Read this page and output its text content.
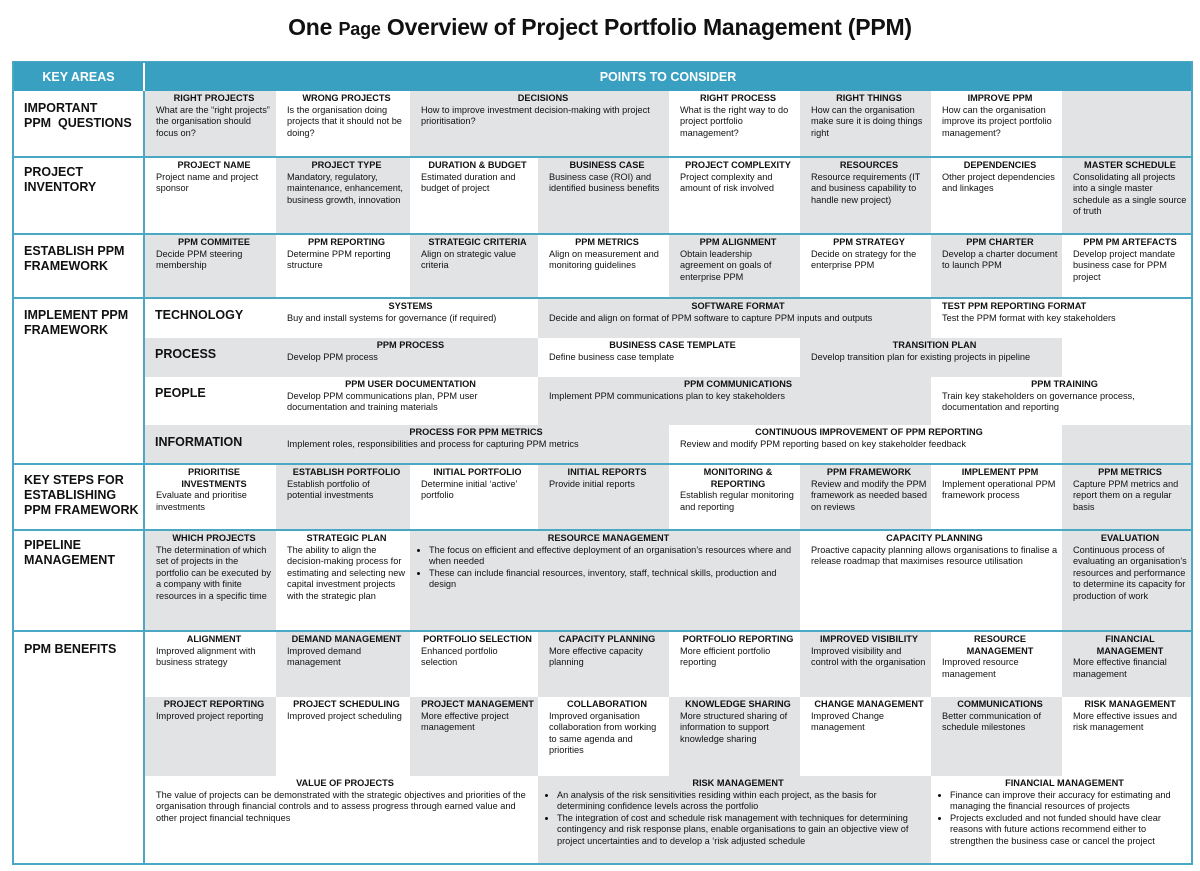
One Page Overview of Project Portfolio Management (PPM)
KEY AREAS	POINTS TO CONSIDER
RIGHT PROJECTS
What are the “right projects” the organisation should focus on?
WRONG PROJECTS
Is the organisation doing projects that it should not be doing?
DECISIONS
How to improve investment decision-making with project prioritisation?
RIGHT PROCESS
What is the right way to do project portfolio management?
RIGHT THINGS
How can the organisation make sure it is doing things right
IMPROVE PPM
How can the organisation improve its project portfolio management?
PROJECT NAME
Project name and project sponsor
PROJECT TYPE
Mandatory, regulatory, maintenance, enhancement, business growth, innovation
DURATION & BUDGET
Estimated duration and budget of project
BUSINESS CASE
Business case (ROI) and identified business benefits
PROJECT COMPLEXITY
Project complexity and amount of risk involved
RESOURCES
Resource requirements (IT and business capability to handle new project)
DEPENDENCIES
Other project dependencies and linkages
MASTER SCHEDULE
Consolidating all projects into a single master schedule as a single source of truth
PPM COMMITEE
Decide PPM steering membership
PPM REPORTING
Determine PPM reporting structure
STRATEGIC CRITERIA
Align on strategic value criteria
PPM METRICS
Align on measurement and monitoring guidelines
PPM ALIGNMENT
Obtain leadership agreement on goals of enterprise PPM
PPM STRATEGY
Decide on strategy for the enterprise PPM
PPM CHARTER
Develop a charter document to launch PPM
PPM PM ARTEFACTS
Develop project mandate business case for PPM project
SYSTEMS
Buy and install systems for governance (if required)
SOFTWARE FORMAT
Decide and align on format of PPM software to capture PPM inputs and outputs
TEST PPM REPORTING FORMAT
Test the PPM format with key stakeholders
PPM PROCESS
Develop PPM process
BUSINESS CASE TEMPLATE
Define business case template
TRANSITION PLAN
Develop transition plan for existing projects in pipeline
PPM USER DOCUMENTATION
Develop PPM communications plan, PPM user documentation and training materials
PPM COMMUNICATIONS
Implement PPM communications plan to key stakeholders
PPM TRAINING
Train key stakeholders on governance process, documentation and reporting
PROCESS FOR PPM METRICS
Implement roles, responsibilities and process for capturing PPM metrics
CONTINUOUS IMPROVEMENT OF PPM REPORTING
Review and modify PPM reporting based on key stakeholder feedback
PRIORITISE INVESTMENTS
Evaluate and prioritise investments
ESTABLISH PORTFOLIO
Establish portfolio of potential investments
INITIAL PORTFOLIO
Determine initial ‘active’ portfolio
INITIAL REPORTS
Provide initial reports
MONITORING & REPORTING
Establish regular monitoring and reporting
PPM FRAMEWORK
Review and modify the PPM framework as needed based on reviews
IMPLEMENT PPM
Implement operational PPM framework process
PPM METRICS
Capture PPM metrics and report them on a regular basis
WHICH PROJECTS
The determination of which set of projects in the portfolio can be executed by a company with finite resources in a specific time
STRATEGIC PLAN
The ability to align the decision-making process for estimating and selecting new capital investment projects with the strategic plan
RESOURCE MANAGEMENT
• The focus on efficient and effective deployment of an organisation’s resources where and when needed
• These can include financial resources, inventory, staff, technical skills, production and design
CAPACITY PLANNING
Proactive capacity planning allows organisations to finalise a release roadmap that maximises resource utilisation
EVALUATION
Continuous process of evaluating an organisation’s resources and performance to determine its capacity for production of work
ALIGNMENT
Improved alignment with business strategy
DEMAND MANAGEMENT
Improved demand management
PORTFOLIO SELECTION
Enhanced portfolio selection
CAPACITY PLANNING
More effective capacity planning
PORTFOLIO REPORTING
More efficient portfolio reporting
IMPROVED VISIBILITY
Improved visibility and control with the organisation
RESOURCE MANAGEMENT
Improved resource management
FINANCIAL MANAGEMENT
More effective financial management
PROJECT REPORTING
Improved project reporting
PROJECT SCHEDULING
Improved project scheduling
PROJECT MANAGEMENT
More effective project management
COLLABORATION
Improved organisation collaboration from working to same agenda and priorities
KNOWLEDGE SHARING
More structured sharing of information to support knowledge sharing
CHANGE MANAGEMENT
Improved Change management
COMMUNICATIONS
Better communication of schedule milestones
RISK MANAGEMENT
More effective issues and risk management
VALUE OF PROJECTS
The value of projects can be demonstrated with the strategic objectives and priorities of the organisation through financial controls and to assess progress through earned value and other project financial techniques
RISK MANAGEMENT
• An analysis of the risk sensitivities residing within each project, as the basis for determining confidence levels across the portfolio
• The integration of cost and schedule risk management with techniques for determining contingency and risk response plans, enable organisations to gain an objective view of project uncertainties and to develop a ‘risk adjusted schedule
FINANCIAL MANAGEMENT
• Finance can improve their accuracy for estimating and managing the financial resources of projects
• Projects excluded and not funded should have clear reasons with future actions recommend either to strengthen the business case or cancel the project
IMPORTANT
PPM  QUESTIONS
PROJECT
INVENTORY
ESTABLISH PPM
FRAMEWORK
IMPLEMENT PPM
FRAMEWORK
KEY STEPS FOR
ESTABLISHING
PPM FRAMEWORK
PIPELINE
MANAGEMENT
PPM BENEFITS
TECHNOLOGY
PROCESS
PEOPLE
INFORMATION
